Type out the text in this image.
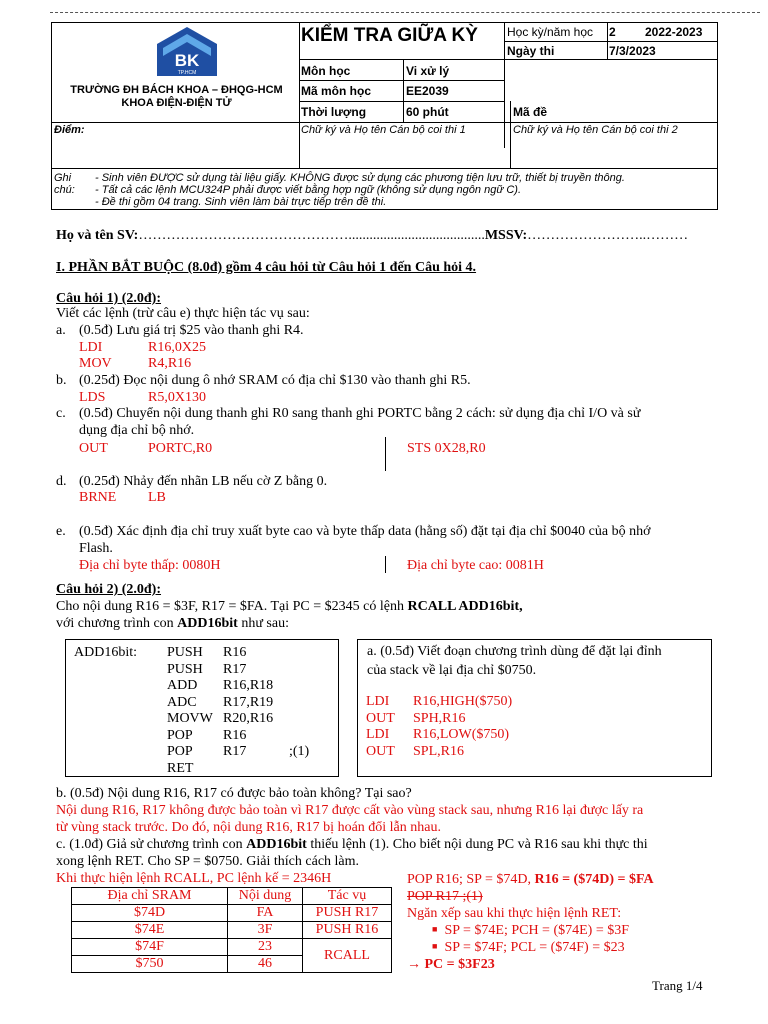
BK
TP.HCM
TRƯỜNG ĐH BÁCH KHOA – ĐHQG-HCM
KHOA ĐIỆN-ĐIỆN TỬ
KIỂM TRA GIỮA KỲ Học kỳ/năm học 2 2022-2023
Ngày thi	7/3/2023
Môn học	Vi xử lý
Mã môn học	EE2039
Thời lượng	60 phút	Mã đề
Điểm:	Chữ ký và Họ tên Cán bộ coi thi 1	Chữ ký và Họ tên Cán bộ coi thi 2
Ghi
chú:
- Sinh viên ĐƯỢC sử dụng tài liệu giấy. KHÔNG được sử dụng các phương tiện lưu trữ, thiết bị truyền thông.
- Tất cả các lệnh MCU324P phải được viết bằng hợp ngữ (không sử dụng ngôn ngữ C).
- Đề thi gồm 04 trang. Sinh viên làm bài trực tiếp trên đề thi.
Họ và tên SV:……………………………………….......................................MSSV:……………………..………
I. PHẦN BẮT BUỘC (8.0đ) gồm 4 câu hỏi từ Câu hỏi 1 đến Câu hỏi 4.
Câu hỏi 1) (2.0đ):
Viết các lệnh (trừ câu e) thực hiện tác vụ sau:
a. (0.5đ) Lưu giá trị $25 vào thanh ghi R4.
LDI	R16,0X25
MOV	R4,R16
b. (0.25đ) Đọc nội dung ô nhớ SRAM có địa chỉ $130 vào thanh ghi R5.
LDS	R5,0X130
c. (0.5đ) Chuyển nội dung thanh ghi R0 sang thanh ghi PORTC bằng 2 cách: sử dụng địa chỉ I/O và sử
dụng địa chỉ bộ nhớ.
OUT	PORTC,R0	STS 0X28,R0
d. (0.25đ) Nhảy đến nhãn LB nếu cờ Z bằng 0.
BRNE LB
e. (0.5đ) Xác định địa chỉ truy xuất byte cao và byte thấp data (hằng số) đặt tại địa chỉ $0040 của bộ nhớ
Flash.
Địa chỉ byte thấp: 0080H	Địa chỉ byte cao: 0081H
Câu hỏi 2) (2.0đ):
Cho nội dung R16 = $3F, R17 = $FA. Tại PC = $2345 có lệnh RCALL ADD16bit,
với chương trình con ADD16bit như sau:
ADD16bit: PUSH R16
PUSH R17
ADD R16,R18
ADC R17,R19
MOVW R20,R16
POP R16
POP R17	;(1)
RET
a. (0.5đ) Viết đoạn chương trình dùng để đặt lại đỉnh
của stack về lại địa chỉ $0750.
LDI R16,HIGH($750)
OUT SPH,R16
LDI R16,LOW($750)
OUT SPL,R16
b. (0.5đ) Nội dung R16, R17 có được bảo toàn không? Tại sao?
Nội dung R16, R17 không được bảo toàn vì R17 được cất vào vùng stack sau, nhưng R16 lại được lấy ra
từ vùng stack trước. Do đó, nội dung R16, R17 bị hoán đổi lẫn nhau.
c. (1.0đ) Giả sử chương trình con ADD16bit thiếu lệnh (1). Cho biết nội dung PC và R16 sau khi thực thi
xong lệnh RET. Cho SP = $0750. Giải thích cách làm.
Khi thực hiện lệnh RCALL, PC lệnh kế = 2346H
Địa chỉ SRAM	Nội dung	Tác vụ
$74D	FA	PUSH R17
$74E	3F	PUSH R16
$74F	23	RCALL
$750	46	
POP R16; SP = $74D, R16 = ($74D) = $FA
POP R17 ;(1)
Ngăn xếp sau khi thực hiện lệnh RET:
■ SP = $74E; PCH = ($74E) = $3F
■ SP = $74F; PCL = ($74F) = $23
→ PC = $3F23
Trang 1/4
